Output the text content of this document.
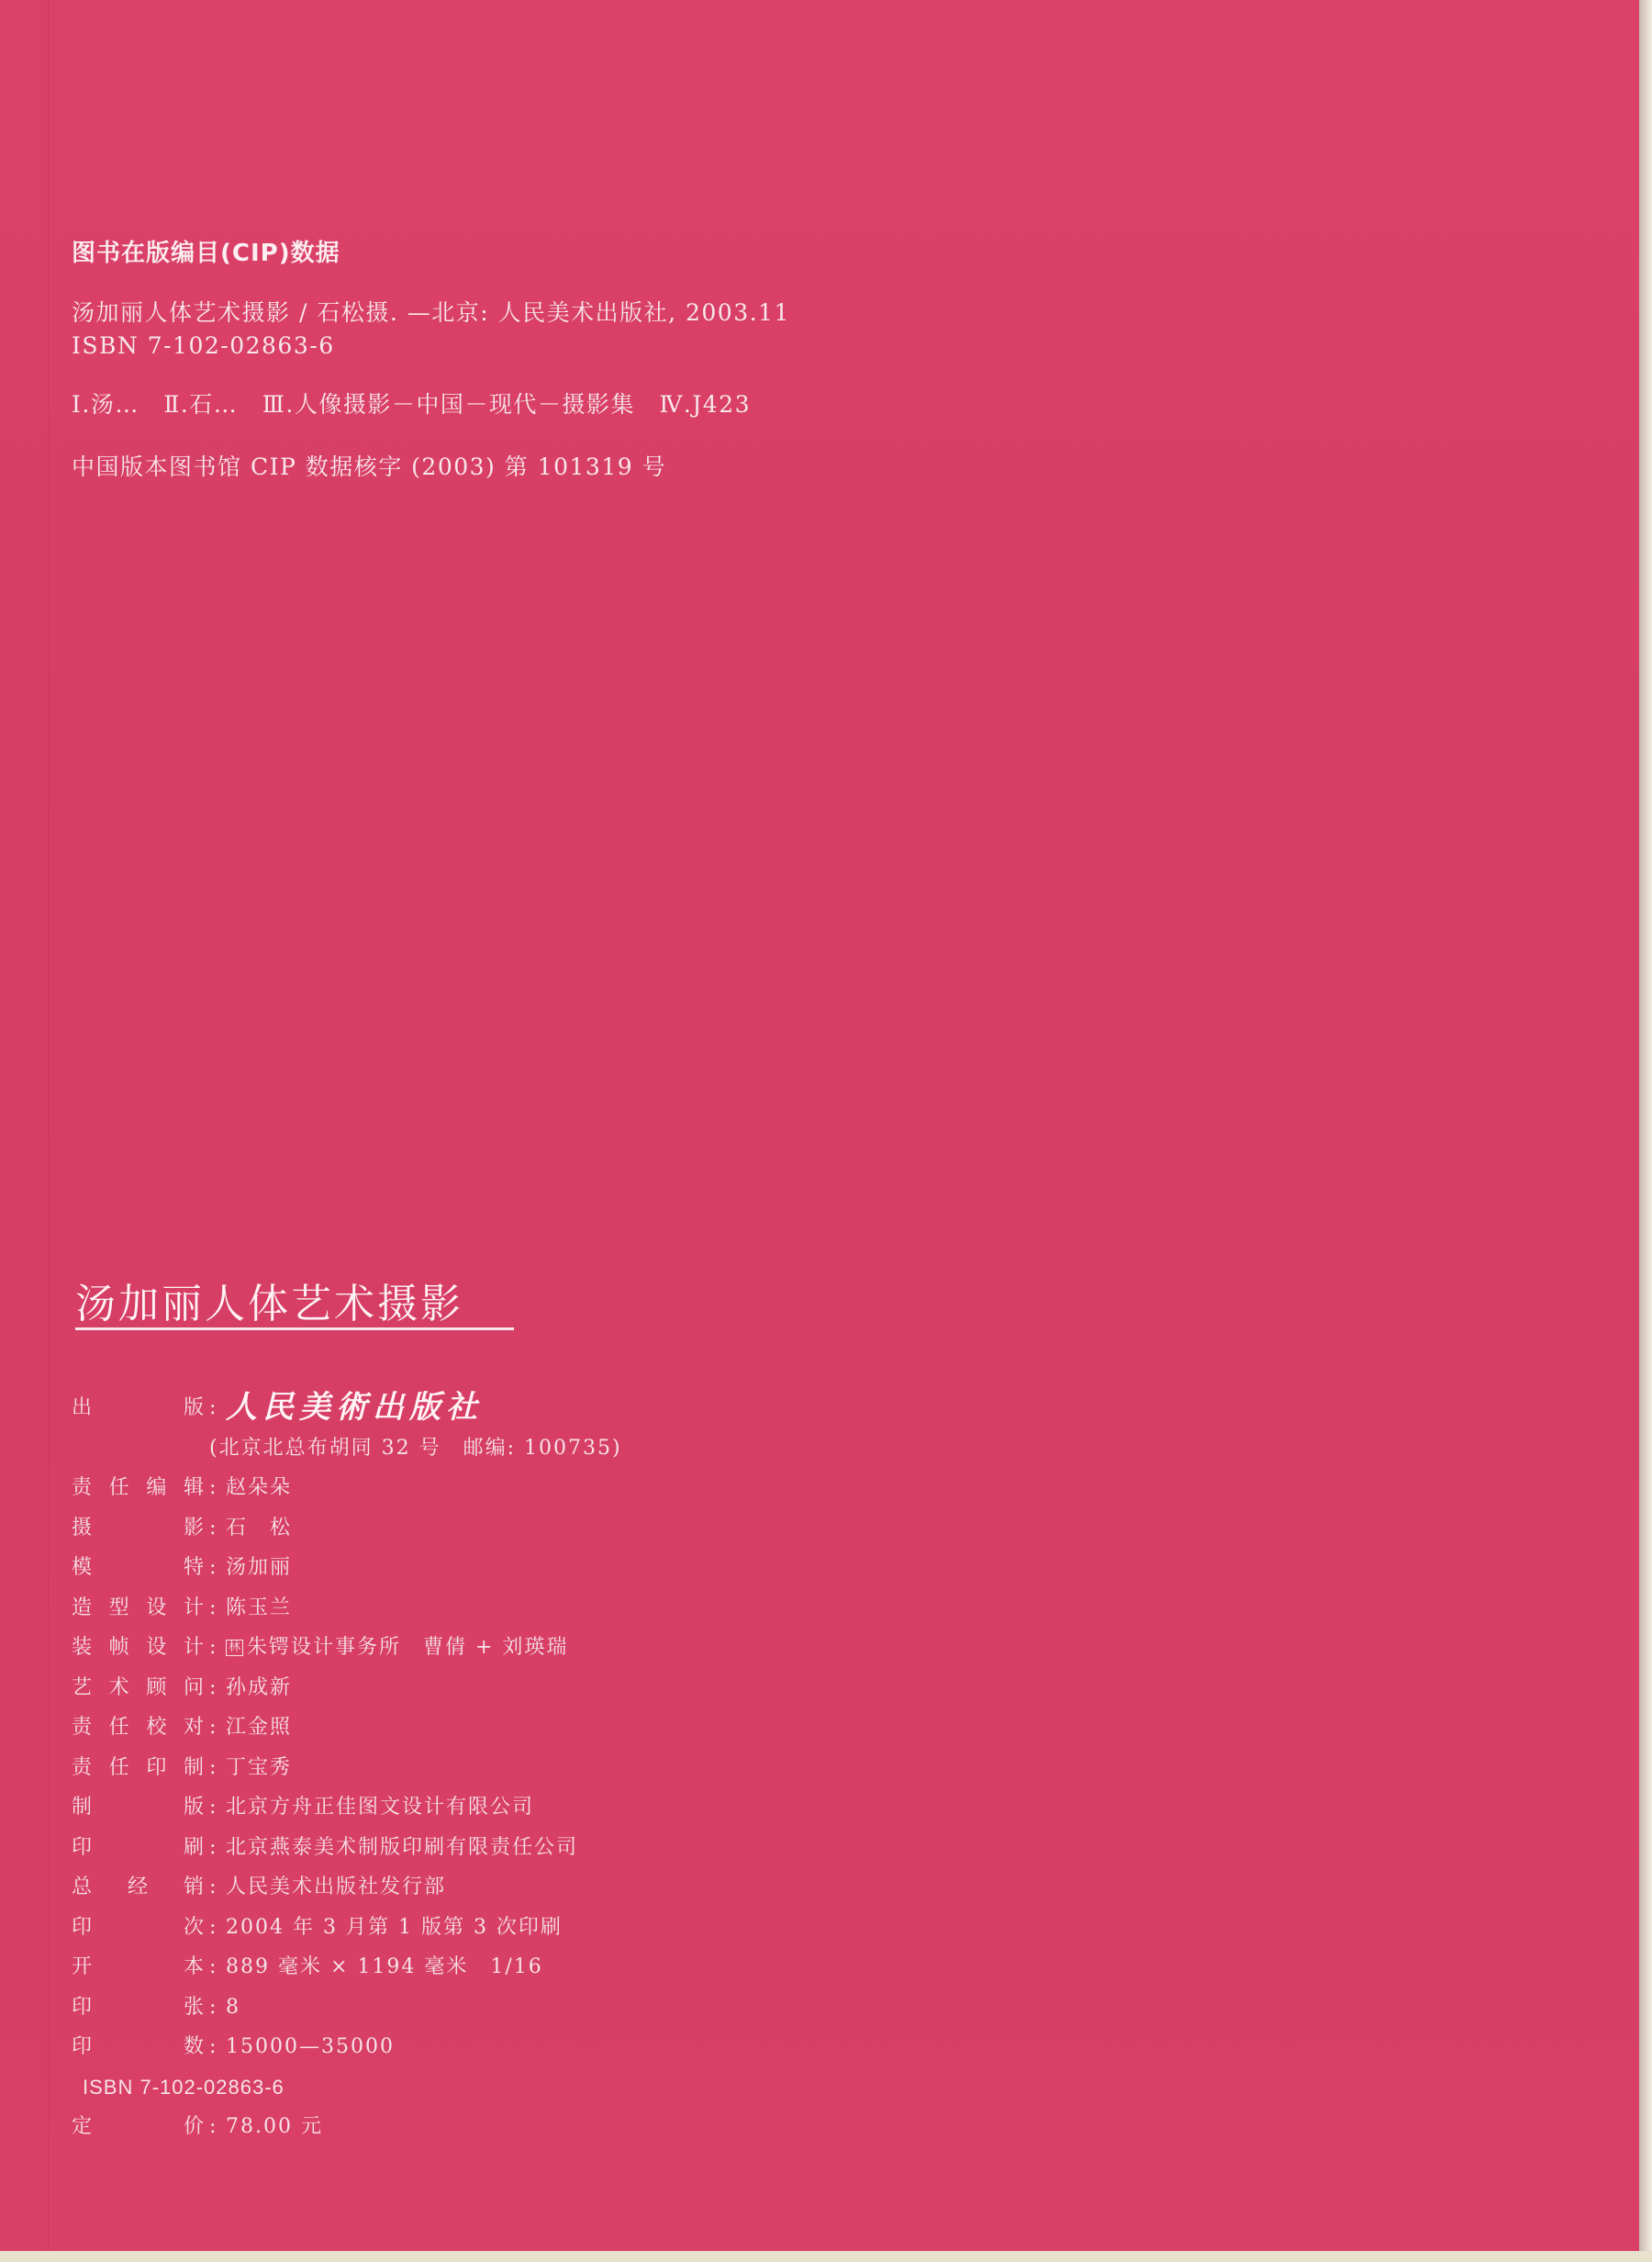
图书在版编目(CIP)数据

汤加丽人体艺术摄影 / 石松摄. —北京: 人民美术出版社, 2003.11

ISBN 7-102-02863-6

Ⅰ.汤…　Ⅱ.石…　Ⅲ.人像摄影－中国－现代－摄影集　Ⅳ.J423

中国版本图书馆 CIP 数据核字 (2003) 第 101319 号

汤加丽人体艺术摄影

出版 : 人民美術出版社
(北京北总布胡同 32 号　邮编: 100735)
责任编辑 : 赵朵朵
摄影 : 石　松
模特 : 汤加丽
造型设计 : 陈玉兰
装帧设计 : 林 朱锷设计事务所　曹倩 + 刘瑛瑞
艺术顾问 : 孙成新
责任校对 : 江金照
责任印制 : 丁宝秀
制版 : 北京方舟正佳图文设计有限公司
印刷 : 北京燕泰美术制版印刷有限责任公司
总经销 : 人民美术出版社发行部
印次 : 2004 年 3 月第 1 版第 3 次印刷
开本 : 889 毫米 × 1194 毫米　1/16
印张 : 8
印数 : 15000—35000
ISBN 7-102-02863-6
定价 : 78.00 元
